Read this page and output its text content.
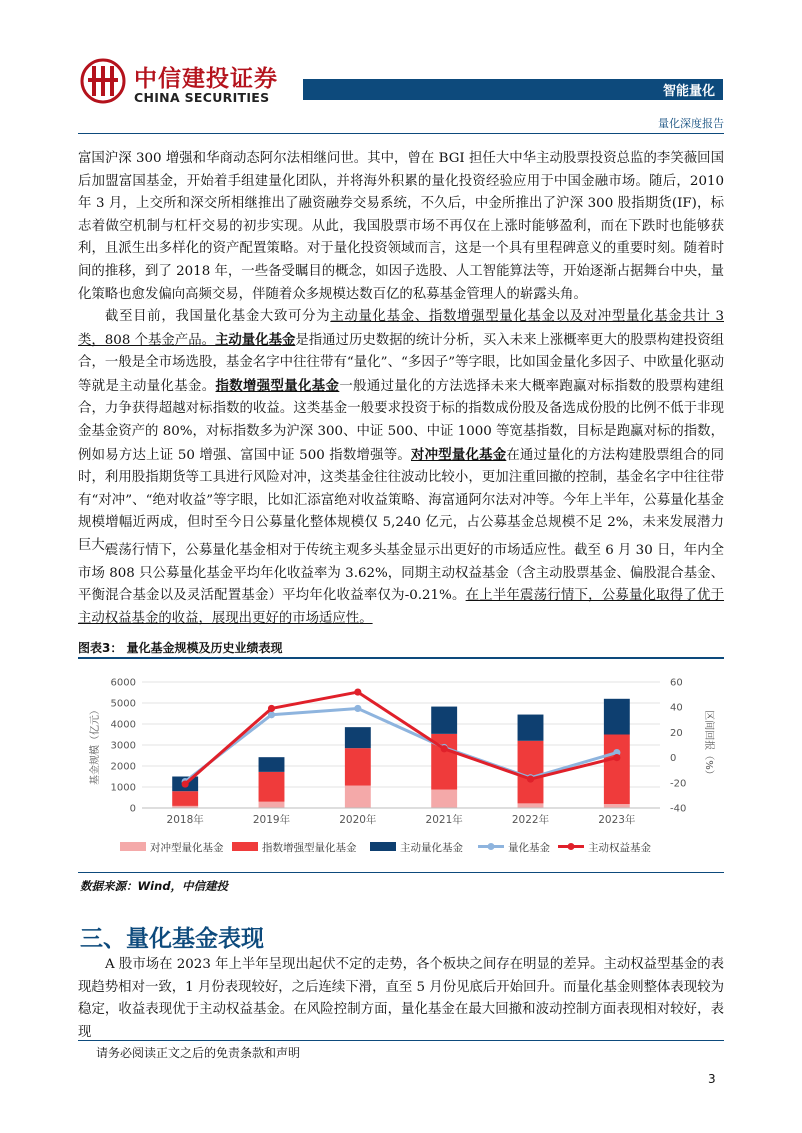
中信建投证券
CHINA SECURITIES	智能量化
量化深度报告

富国沪深 300 增强和华商动态阿尔法相继问世。其中，曾在 BGI 担任大中华主动股票投资总监的李笑薇回国后加盟富国基金，开始着手组建量化团队，并将海外积累的量化投资经验应用于中国金融市场。随后，2010 年 3 月，上交所和深交所相继推出了融资融券交易系统，不久后，中金所推出了沪深 300 股指期货(IF)，标志着做空机制与杠杆交易的初步实现。从此，我国股票市场不再仅在上涨时能够盈利，而在下跌时也能够获利，且派生出多样化的资产配置策略。对于量化投资领域而言，这是一个具有里程碑意义的重要时刻。随着时间的推移，到了 2018 年，一些备受瞩目的概念，如因子选股、人工智能算法等，开始逐渐占据舞台中央，量化策略也愈发偏向高频交易，伴随着众多规模达数百亿的私募基金管理人的崭露头角。

截至目前，我国量化基金大致可分为主动量化基金、指数增强型量化基金以及对冲型量化基金共计 3 类，808 个基金产品。主动量化基金是指通过历史数据的统计分析，买入未来上涨概率更大的股票构建投资组合，一般是全市场选股，基金名字中往往带有“量化”、“多因子”等字眼，比如国金量化多因子、中欧量化驱动等就是主动量化基金。指数增强型量化基金一般通过量化的方法选择未来大概率跑赢对标指数的股票构建组合，力争获得超越对标指数的收益。这类基金一般要求投资于标的指数成份股及备选成份股的比例不低于非现金基金资产的 80%，对标指数多为沪深 300、中证 500、中证 1000 等宽基指数，目标是跑赢对标的指数，例如易方达上证 50 增强、富国中证 500 指数增强等。对冲型量化基金在通过量化的方法构建股票组合的同时，利用股指期货等工具进行风险对冲，这类基金往往波动比较小，更加注重回撤的控制，基金名字中往往带有“对冲”、“绝对收益”等字眼，比如汇添富绝对收益策略、海富通阿尔法对冲等。今年上半年，公募量化基金规模增幅近两成，但时至今日公募量化整体规模仅 5,240 亿元，占公募基金总规模不足 2%，未来发展潜力巨大。

震荡行情下，公募量化基金相对于传统主观多头基金显示出更好的市场适应性。截至 6 月 30 日，年内全市场 808 只公募量化基金平均年化收益率为 3.62%，同期主动权益基金（含主动股票基金、偏股混合基金、平衡混合基金以及灵活配置基金）平均年化收益率仅为-0.21%。在上半年震荡行情下，公募量化取得了优于主动权益基金的收益，展现出更好的市场适应性。

图表3： 量化基金规模及历史业绩表现
0
1000
2000
3000
4000
5000
6000
-40
-20
0
20
40
60
2018年	2019年	2020年	2021年	2022年	2023年
基金规模（亿元）	区间回报（%）
对冲型量化基金	指数增强型量化基金	主动量化基金	量化基金	主动权益基金
数据来源：Wind，中信建投
三、量化基金表现

A 股市场在 2023 年上半年呈现出起伏不定的走势，各个板块之间存在明显的差异。主动权益型基金的表现趋势相对一致，1 月份表现较好，之后连续下滑，直至 5 月份见底后开始回升。而量化基金则整体表现较为稳定，收益表现优于主动权益基金。在风险控制方面，量化基金在最大回撤和波动控制方面表现相对较好，表现

请务必阅读正文之后的免责条款和声明
3
